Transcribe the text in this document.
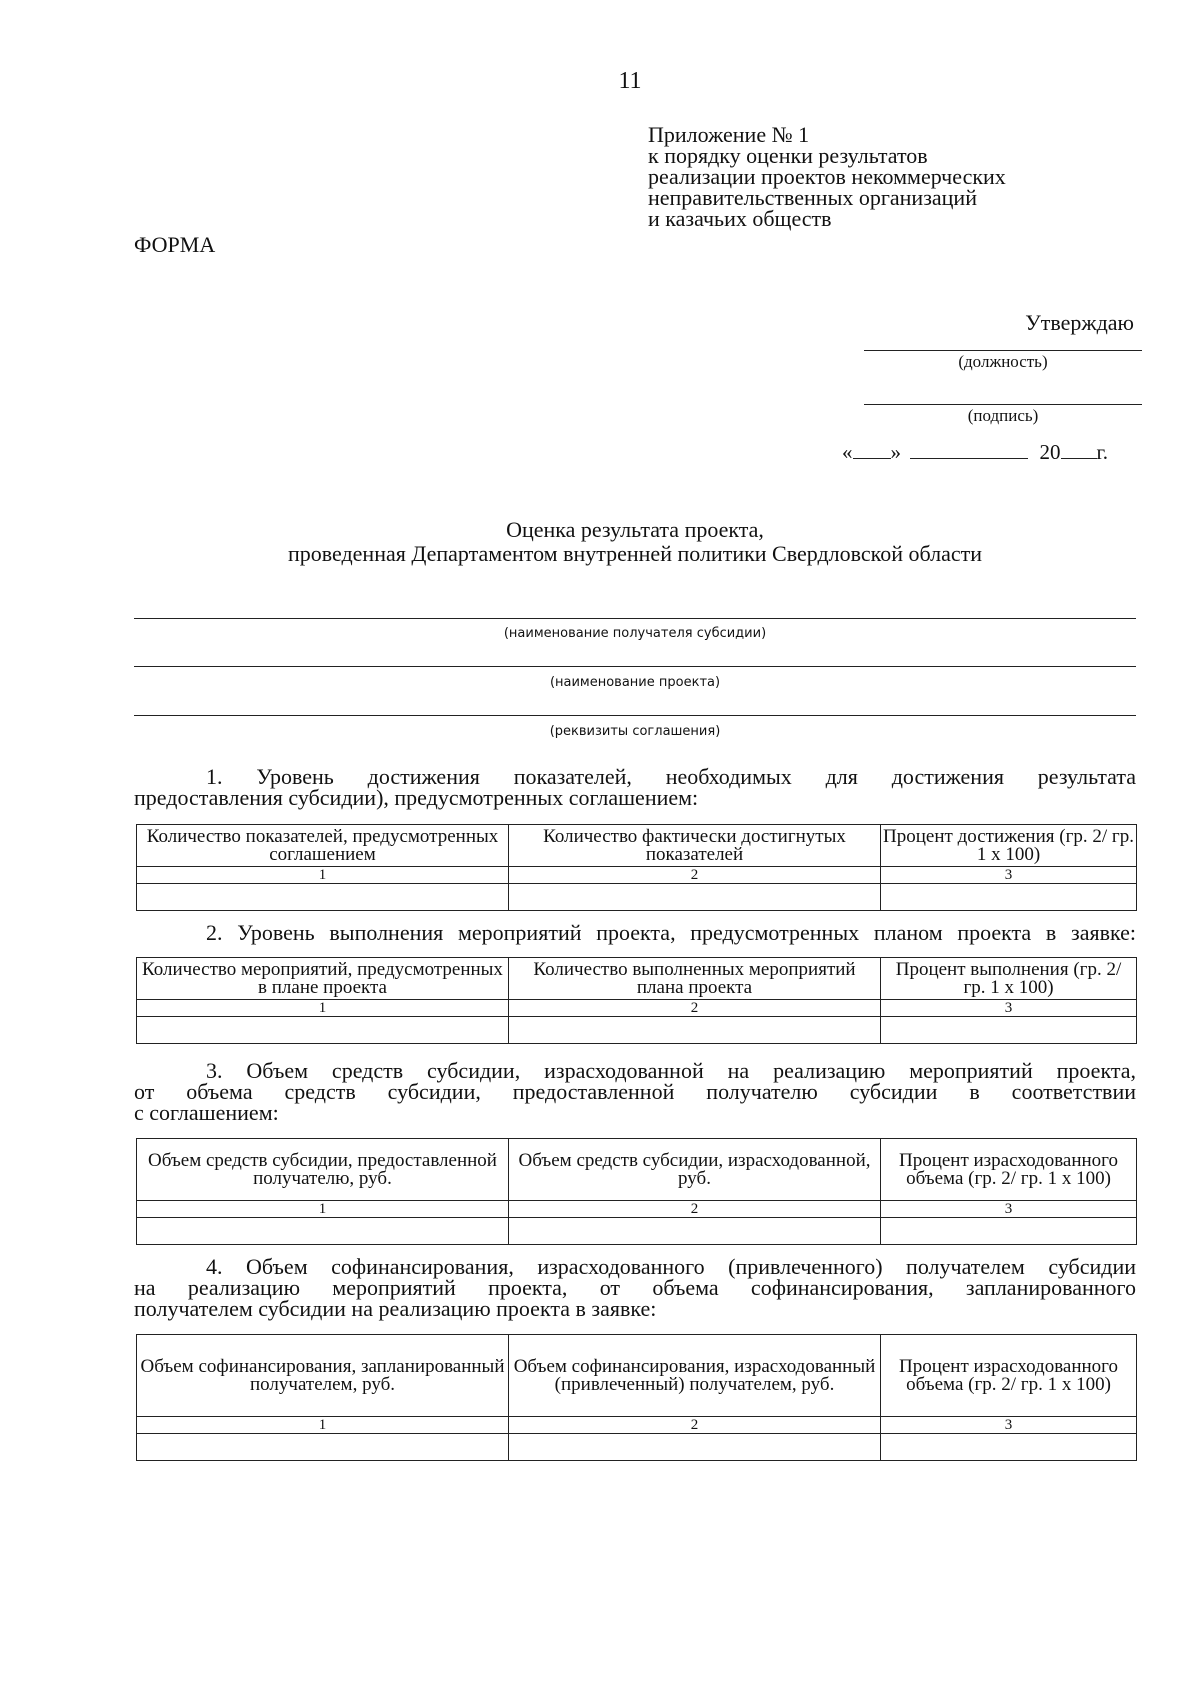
11
Приложение № 1
к порядку оценки результатов
реализации проектов некоммерческих
неправительственных организаций
и казачьих обществ
ФОРМА
Утверждаю
(должность)
(подпись)
« »	20 г.
Оценка результата проекта,
проведенная Департаментом внутренней политики Свердловской области
(наименование получателя субсидии)
(наименование проекта)
(реквизиты соглашения)
1. Уровень достижения показателей, необходимых для достижения результата
предоставления субсидии), предусмотренных соглашением:
Количество показателей, предусмотренных соглашением	Количество фактически достигнутых показателей	Процент достижения (гр. 2/ гр. 1 х 100)
1	2	3

2. Уровень выполнения мероприятий проекта, предусмотренных планом проекта в заявке:
Количество мероприятий, предусмотренных в плане проекта	Количество выполненных мероприятий плана проекта	Процент выполнения (гр. 2/ гр. 1 х 100)
1	2	3

3. Объем средств субсидии, израсходованной на реализацию мероприятий проекта,
от объема средств субсидии, предоставленной получателю субсидии в соответствии
с соглашением:
Объем средств субсидии, предоставленной получателю, руб.	Объем средств субсидии, израсходованной, руб.	Процент израсходованного объема (гр. 2/ гр. 1 х 100)
1	2	3

4. Объем софинансирования, израсходованного (привлеченного) получателем субсидии
на реализацию мероприятий проекта, от объема софинансирования, запланированного
получателем субсидии на реализацию проекта в заявке:
Объем софинансирования, запланированный получателем, руб.	Объем софинансирования, израсходованный (привлеченный) получателем, руб.	Процент израсходованного объема (гр. 2/ гр. 1 х 100)
1	2	3
